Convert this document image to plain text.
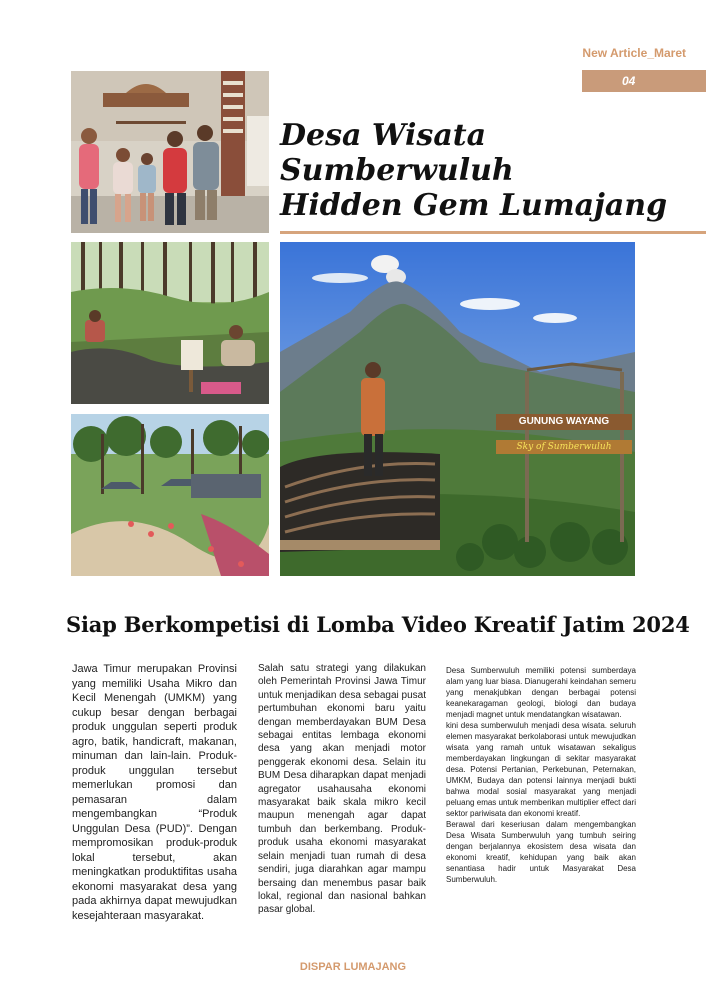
New Article_Maret
04
GUNUNG WAYANG
Sky of Sumberwuluh
Desa Wisata
Sumberwuluh
Hidden Gem Lumajang
Siap Berkompetisi di Lomba Video Kreatif Jatim 2024

Jawa Timur merupakan Provinsi yang memiliki Usaha Mikro dan Kecil Menengah (UMKM) yang cukup besar dengan berbagai produk unggulan seperti produk agro, batik, handicraft, makanan, minuman dan lain-lain. Produk-produk unggulan tersebut memerlukan promosi dan pemasaran dalam mengembangkan “Produk Unggulan Desa (PUD)”. Dengan mempromosikan produk-produk lokal tersebut, akan meningkatkan produktifitas usaha ekonomi masyarakat desa yang pada akhirnya dapat mewujudkan kesejahteraan masyarakat.

Salah satu strategi yang dilakukan oleh Pemerintah Provinsi Jawa Timur untuk menjadikan desa sebagai pusat pertumbuhan ekonomi baru yaitu dengan memberdayakan BUM Desa sebagai entitas lembaga ekonomi desa yang akan menjadi motor penggerak ekonomi desa. Selain itu BUM Desa diharapkan dapat menjadi agregator usahausaha ekonomi masyarakat baik skala mikro kecil maupun menengah agar dapat tumbuh dan berkembang. Produk-produk usaha ekonomi masyarakat selain menjadi tuan rumah di desa sendiri, juga diarahkan agar mampu bersaing dan menembus pasar baik lokal, regional dan nasional bahkan pasar global.

Desa Sumberwuluh memiliki potensi sumberdaya alam yang luar biasa. Dianugerahi keindahan semeru yang menakjubkan dengan berbagai potensi keanekaragaman geologi, biologi dan budaya menjadi magnet untuk mendatangkan wisatawan.

kini desa sumberwuluh menjadi desa wisata. seluruh elemen masyarakat berkolaborasi untuk mewujudkan wisata yang ramah untuk wisatawan sekaligus memberdayakan lingkungan di sekitar masyarakat desa. Potensi Pertanian, Perkebunan, Peternakan, UMKM, Budaya dan potensi lainnya menjadi bukti bahwa modal sosial masyarakat yang menjadi peluang emas untuk memberikan multiplier effect dari sektor pariwisata dan ekonomi kreatif.

Berawal dari keseriusan dalam mengembangkan Desa Wisata Sumberwuluh yang tumbuh seiring dengan berjalannya ekosistem desa wisata dan ekonomi kreatif, kehidupan yang baik akan senantiasa hadir untuk Masyarakat Desa Sumberwuluh.

DISPAR LUMAJANG
